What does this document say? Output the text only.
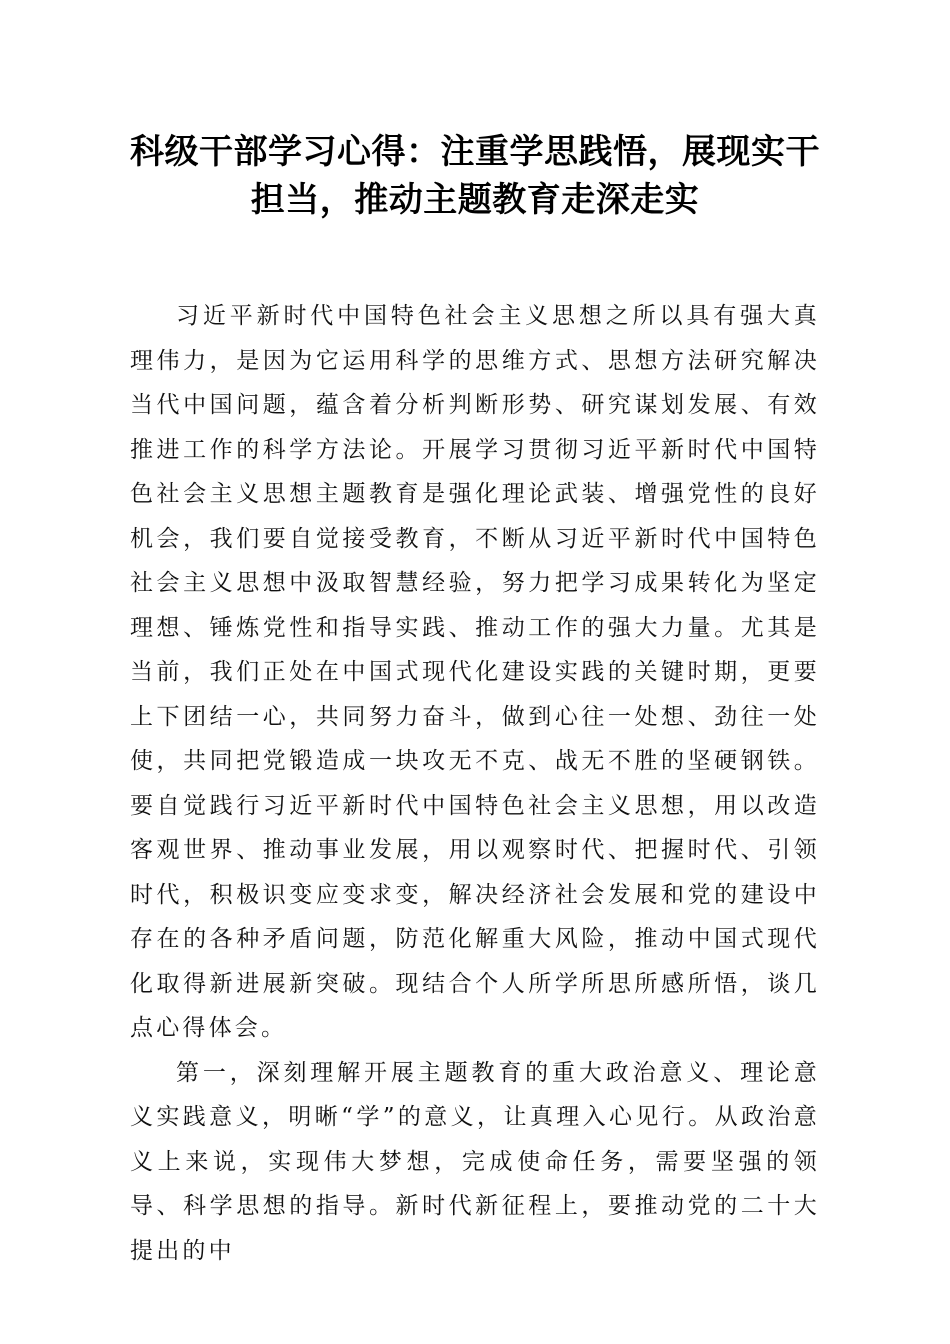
科级干部学习心得：注重学思践悟，展现实干
担当，推动主题教育走深走实

习近平新时代中国特色社会主义思想之所以具有强大真理伟力，是因为它运用科学的思维方式、思想方法研究解决当代中国问题，蕴含着分析判断形势、研究谋划发展、有效推进工作的科学方法论。开展学习贯彻习近平新时代中国特色社会主义思想主题教育是强化理论武装、增强党性的良好机会，我们要自觉接受教育，不断从习近平新时代中国特色社会主义思想中汲取智慧经验，努力把学习成果转化为坚定理想、锤炼党性和指导实践、推动工作的强大力量。尤其是当前，我们正处在中国式现代化建设实践的关键时期，更要上下团结一心，共同努力奋斗，做到心往一处想、劲往一处使，共同把党锻造成一块攻无不克、战无不胜的坚硬钢铁。要自觉践行习近平新时代中国特色社会主义思想，用以改造客观世界、推动事业发展，用以观察时代、把握时代、引领时代，积极识变应变求变，解决经济社会发展和党的建设中存在的各种矛盾问题，防范化解重大风险，推动中国式现代化取得新进展新突破。现结合个人所学所思所感所悟，谈几点心得体会。

第一，深刻理解开展主题教育的重大政治意义、理论意义实践意义，明晰“学”的意义，让真理入心见行。从政治意义上来说，实现伟大梦想，完成使命任务，需要坚强的领导、科学思想的指导。新时代新征程上，要推动党的二十大提出的中
